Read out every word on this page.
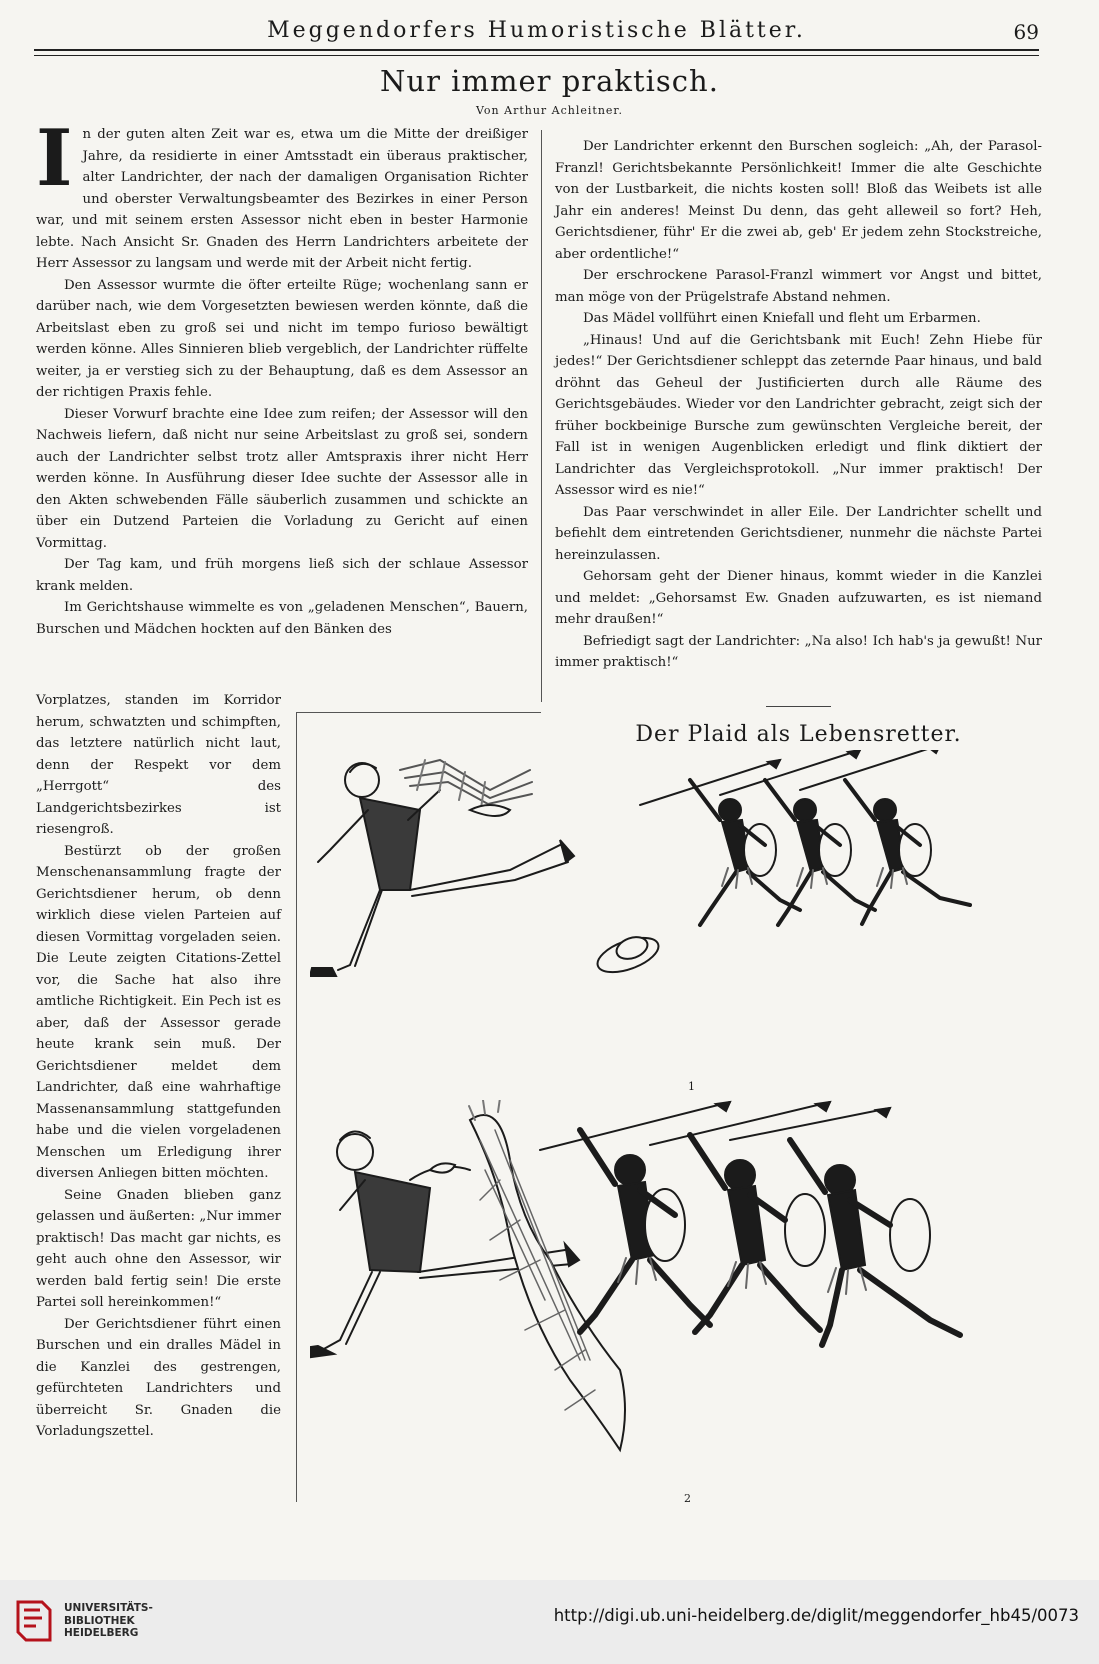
Meggendorfers Humoristische Blätter.	69
Nur immer praktisch.
Von Arthur Achleitner.
I n der guten alten Zeit war es, etwa um die Mitte der dreißiger Jahre, da residierte in einer Amtsstadt ein überaus praktischer, alter Landrichter, der nach der damaligen Organisation Richter und oberster Verwaltungsbeamter des Bezirkes in einer Person war, und mit seinem ersten Assessor nicht eben in bester Harmonie lebte. Nach Ansicht Sr. Gnaden des Herrn Landrichters arbeitete der Herr Assessor zu langsam und werde mit der Arbeit nicht fertig.

Den Assessor wurmte die öfter erteilte Rüge; wochenlang sann er darüber nach, wie dem Vorgesetzten bewiesen werden könnte, daß die Arbeitslast eben zu groß sei und nicht im tempo furioso bewältigt werden könne. Alles Sinnieren blieb vergeblich, der Landrichter rüffelte weiter, ja er verstieg sich zu der Behauptung, daß es dem Assessor an der richtigen Praxis fehle.

Dieser Vorwurf brachte eine Idee zum reifen; der Assessor will den Nachweis liefern, daß nicht nur seine Arbeitslast zu groß sei, sondern auch der Landrichter selbst trotz aller Amtspraxis ihrer nicht Herr werden könne. In Ausführung dieser Idee suchte der Assessor alle in den Akten schwebenden Fälle säuberlich zusammen und schickte an über ein Dutzend Parteien die Vorladung zu Gericht auf einen Vormittag.

Der Tag kam, und früh morgens ließ sich der schlaue Assessor krank melden.

Im Gerichtshause wimmelte es von „geladenen Menschen“, Bauern, Burschen und Mädchen hockten auf den Bänken des

Vorplatzes, standen im Korridor herum, schwatzten und schimpften, das letztere natürlich nicht laut, denn der Respekt vor dem „Herrgott“ des Landgerichtsbezirkes ist riesengroß.

Bestürzt ob der großen Menschenansammlung fragte der Gerichtsdiener herum, ob denn wirklich diese vielen Parteien auf diesen Vormittag vorgeladen seien. Die Leute zeigten Citations-Zettel vor, die Sache hat also ihre amtliche Richtigkeit. Ein Pech ist es aber, daß der Assessor gerade heute krank sein muß. Der Gerichtsdiener meldet dem Landrichter, daß eine wahrhaftige Massenansammlung stattgefunden habe und die vielen vorgeladenen Menschen um Erledigung ihrer diversen Anliegen bitten möchten.

Seine Gnaden blieben ganz gelassen und äußerten: „Nur immer praktisch! Das macht gar nichts, es geht auch ohne den Assessor, wir werden bald fertig sein! Die erste Partei soll hereinkommen!“

Der Gerichtsdiener führt einen Burschen und ein dralles Mädel in die Kanzlei des gestrengen, gefürchteten Landrichters und überreicht Sr. Gnaden die Vorladungszettel.

Der Landrichter erkennt den Burschen sogleich: „Ah, der Parasol-Franzl! Gerichtsbekannte Persönlichkeit! Immer die alte Geschichte von der Lustbarkeit, die nichts kosten soll! Bloß das Weibets ist alle Jahr ein anderes! Meinst Du denn, das geht alleweil so fort? Heh, Gerichtsdiener, führ' Er die zwei ab, geb' Er jedem zehn Stockstreiche, aber ordentliche!“

Der erschrockene Parasol-Franzl wimmert vor Angst und bittet, man möge von der Prügelstrafe Abstand nehmen.

Das Mädel vollführt einen Kniefall und fleht um Erbarmen.

„Hinaus! Und auf die Gerichtsbank mit Euch! Zehn Hiebe für jedes!“ Der Gerichtsdiener schleppt das zeternde Paar hinaus, und bald dröhnt das Geheul der Justificierten durch alle Räume des Gerichtsgebäudes. Wieder vor den Landrichter gebracht, zeigt sich der früher bockbeinige Bursche zum gewünschten Vergleiche bereit, der Fall ist in wenigen Augenblicken erledigt und flink diktiert der Landrichter das Vergleichsprotokoll. „Nur immer praktisch! Der Assessor wird es nie!“

Das Paar verschwindet in aller Eile. Der Landrichter schellt und befiehlt dem eintretenden Gerichtsdiener, nunmehr die nächste Partei hereinzulassen.

Gehorsam geht der Diener hinaus, kommt wieder in die Kanzlei und meldet: „Gehorsamst Ew. Gnaden aufzuwarten, es ist niemand mehr draußen!“

Befriedigt sagt der Landrichter: „Na also! Ich hab's ja gewußt! Nur immer praktisch!“

Der Plaid als Lebensretter.
1
2
UNIVERSITÄTS-
BIBLIOTHEK
HEIDELBERG
http://digi.ub.uni-heidelberg.de/diglit/meggendorfer_hb45/0073
